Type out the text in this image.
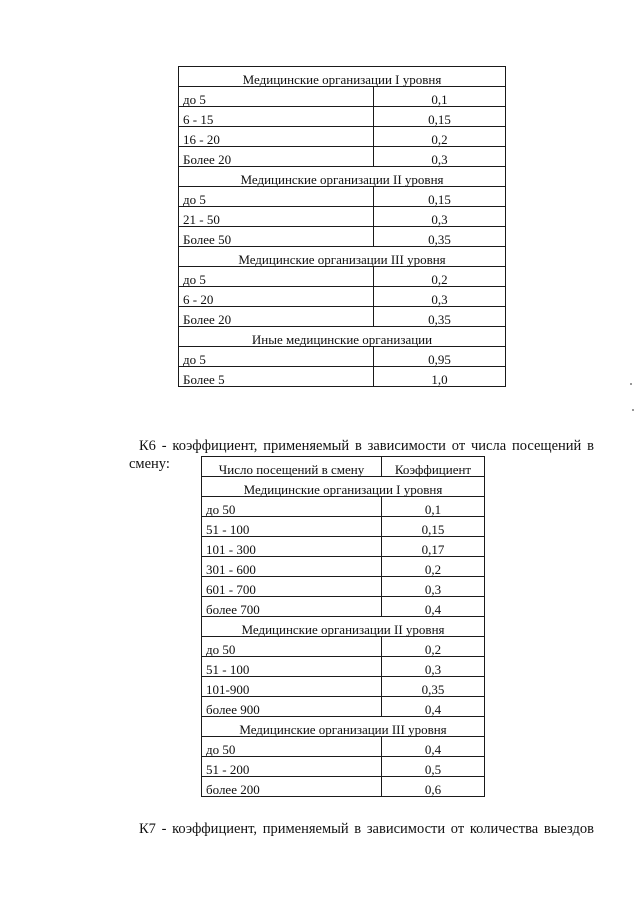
Медицинские организации I уровня	
до 5	0,1
6 - 15	0,15
16 - 20	0,2
Более 20	0,3
Медицинские организации II уровня	
до 5	0,15
21 - 50	0,3
Более 50	0,35
Медицинские организации III уровня	
до 5	0,2
6 - 20	0,3
Более 20	0,35
Иные медицинские организации	
до 5	0,95
Более 5	1,0
К6 - коэффициент, применяемый в зависимости от числа посещений в
смену:	Число посещений в смену	Коэффициент
Медицинские организации I уровня	
до 50	0,1
51 - 100	0,15
101 - 300	0,17
301 - 600	0,2
601 - 700	0,3
более 700	0,4
Медицинские организации II уровня	
до 50	0,2
51 - 100	0,3
101-900	0,35
более 900	0,4
Медицинские организации III уровня	
до 50	0,4
51 - 200	0,5
более 200	0,6
К7 - коэффициент, применяемый в зависимости от количества выездов
